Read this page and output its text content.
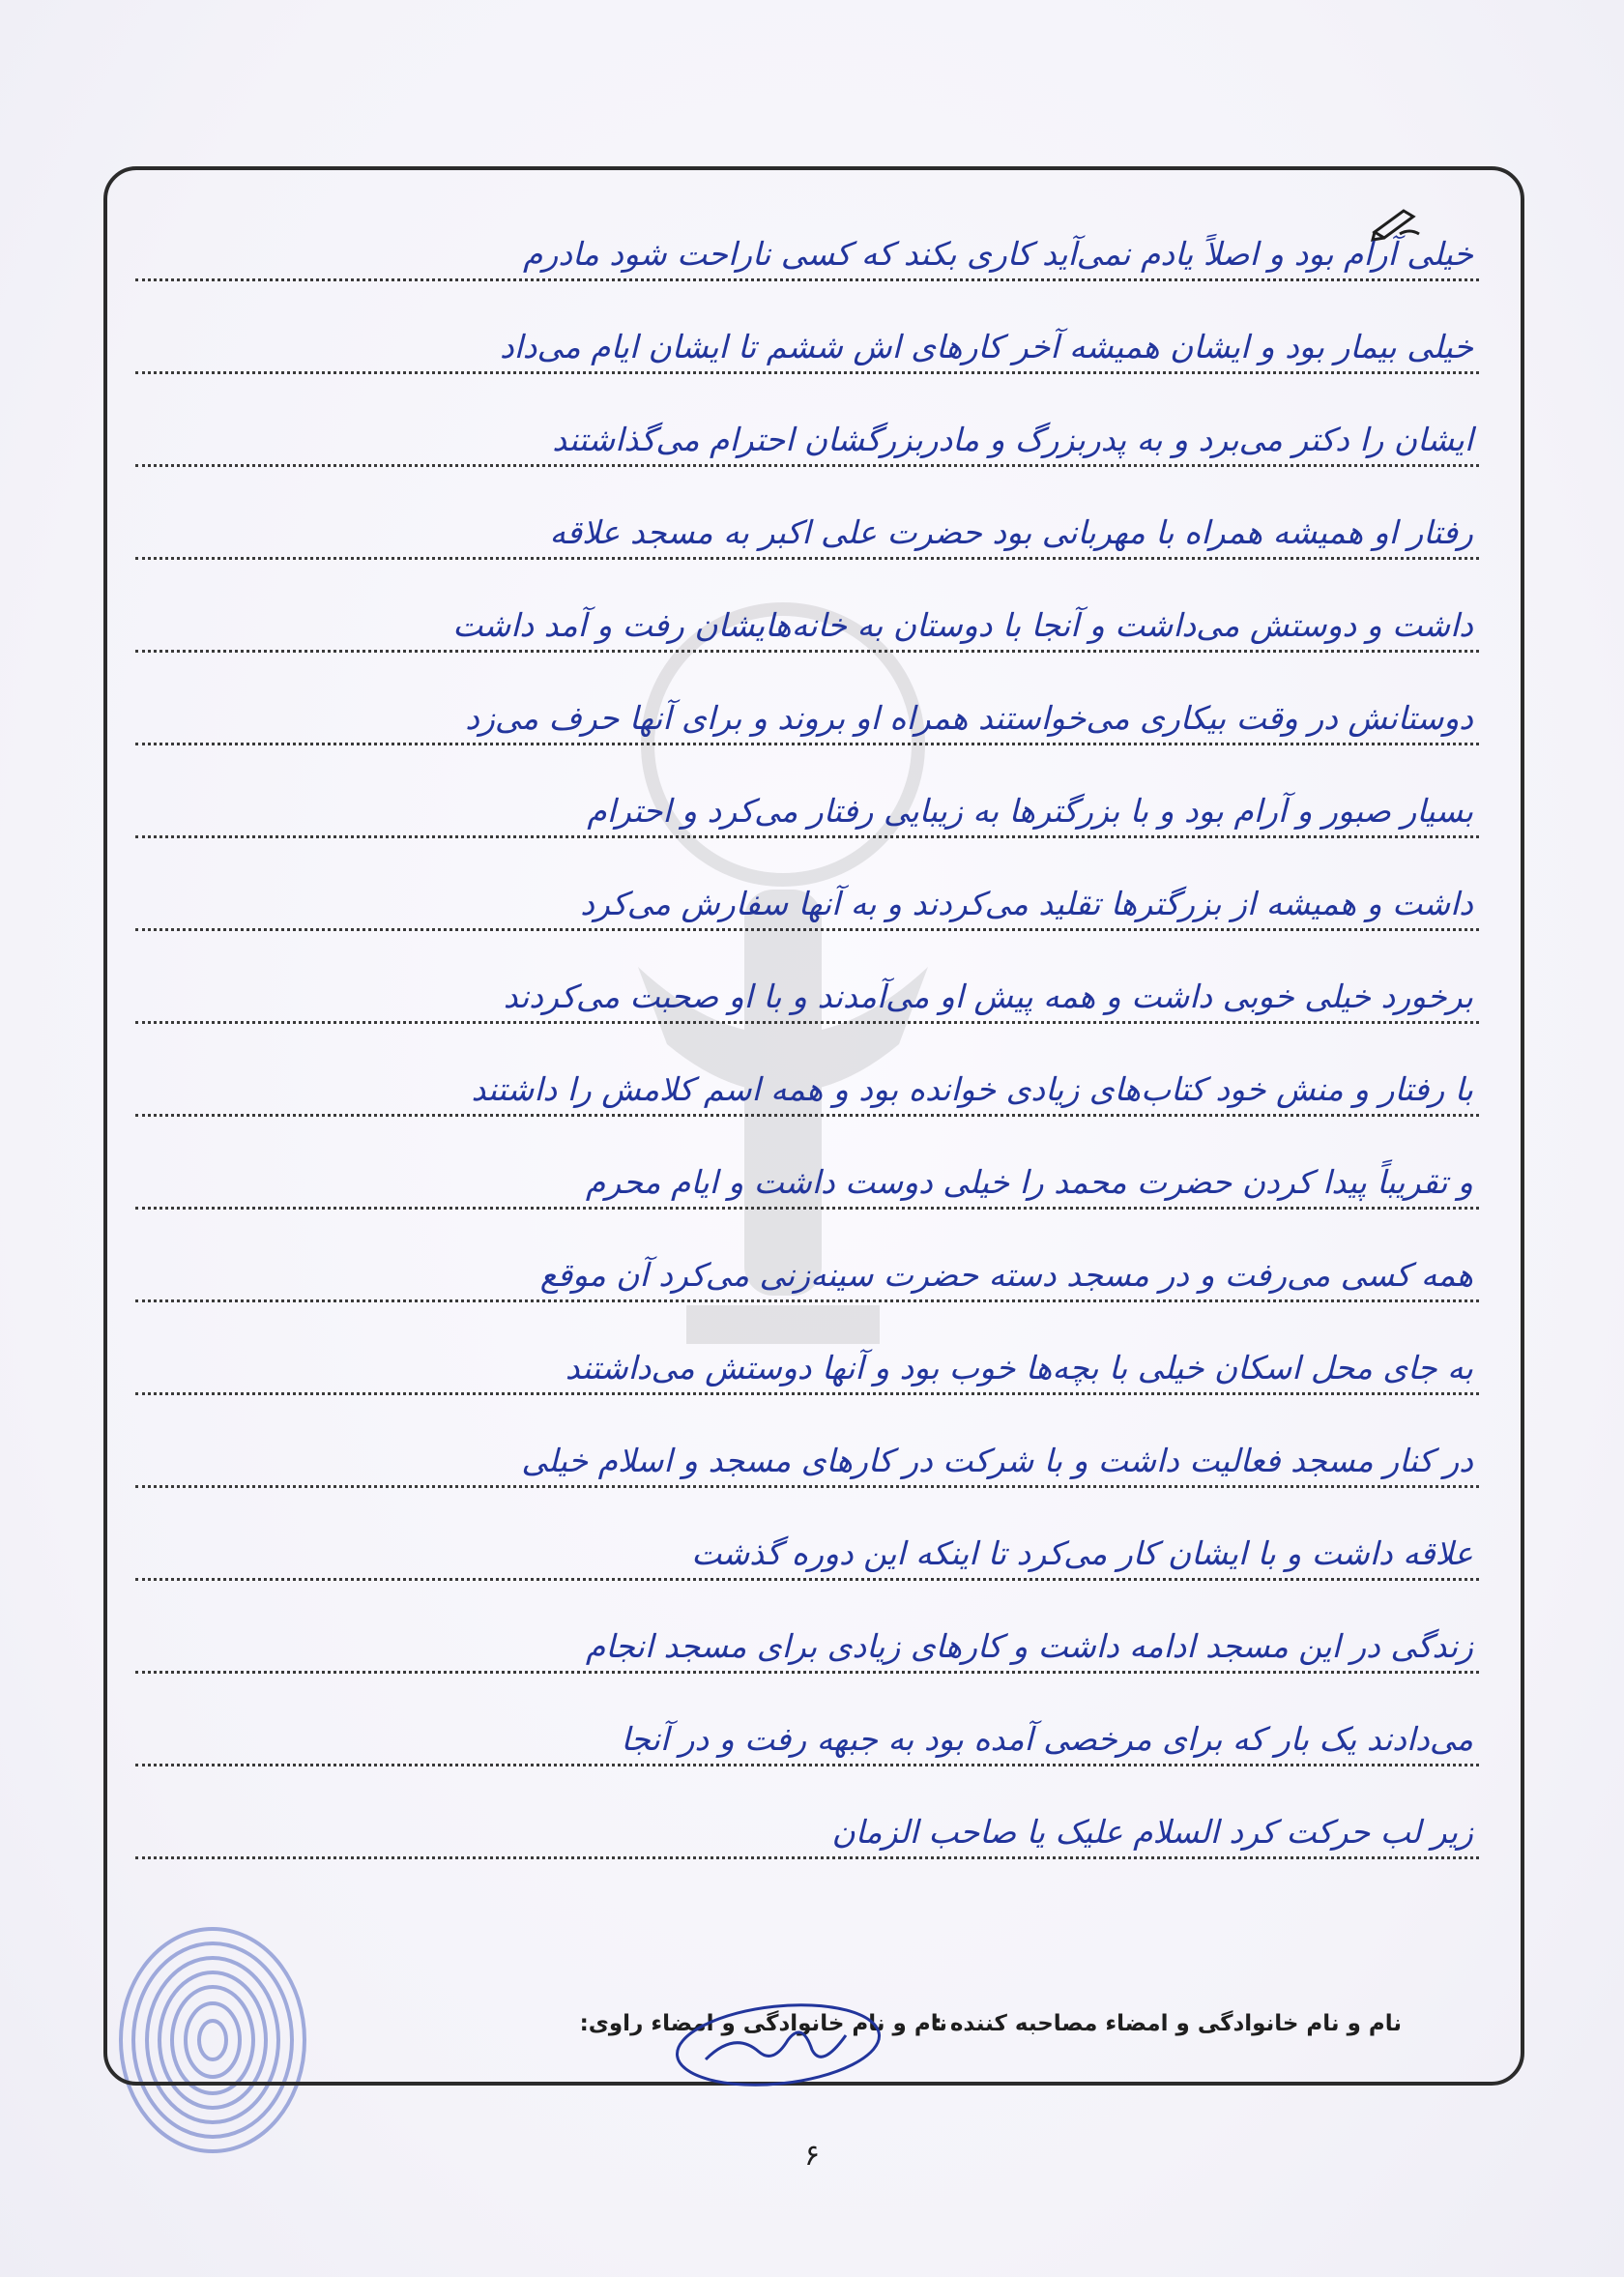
خیلی آرام بود و اصلاً یادم نمی‌آید کاری بکند که کسی ناراحت شود مادرم
خیلی بیمار بود و ایشان همیشه آخر کارهای اش ششم تا ایشان ایام می‌داد
ایشان را دکتر می‌برد و به پدربزرگ و مادربزرگشان احترام می‌گذاشتند
رفتار او همیشه همراه با مهربانی بود حضرت علی اکبر به مسجد علاقه
داشت و دوستش می‌داشت و آنجا با دوستان به خانه‌هایشان رفت و آمد داشت
دوستانش در وقت بیکاری می‌خواستند همراه او بروند و برای آنها حرف می‌زد
بسیار صبور و آرام بود و با بزرگترها به زیبایی رفتار می‌کرد و احترام
داشت و همیشه از بزرگترها تقلید می‌کردند و به آنها سفارش می‌کرد
برخورد خیلی خوبی داشت و همه پیش او می‌آمدند و با او صحبت می‌کردند
با رفتار و منش خود کتاب‌های زیادی خوانده بود و همه اسم کلامش را داشتند
و تقریباً پیدا کردن حضرت محمد را خیلی دوست داشت و ایام محرم
همه کسی می‌رفت و در مسجد دسته حضرت سینه‌زنی می‌کرد آن موقع
به جای محل اسکان خیلی با بچه‌ها خوب بود و آنها دوستش می‌داشتند
در کنار مسجد فعالیت داشت و با شرکت در کارهای مسجد و اسلام خیلی
علاقه داشت و با ایشان کار می‌کرد تا اینکه این دوره گذشت
زندگی در این مسجد ادامه داشت و کارهای زیادی برای مسجد انجام
می‌دادند یک بار که برای مرخصی آمده بود به جبهه رفت و در آنجا
زیر لب حرکت کرد السلام علیک یا صاحب الزمان
نام و نام خانوادگی و امضاء مصاحبه کننده :
نام و نام خانوادگی و امضاء راوی:
۶
